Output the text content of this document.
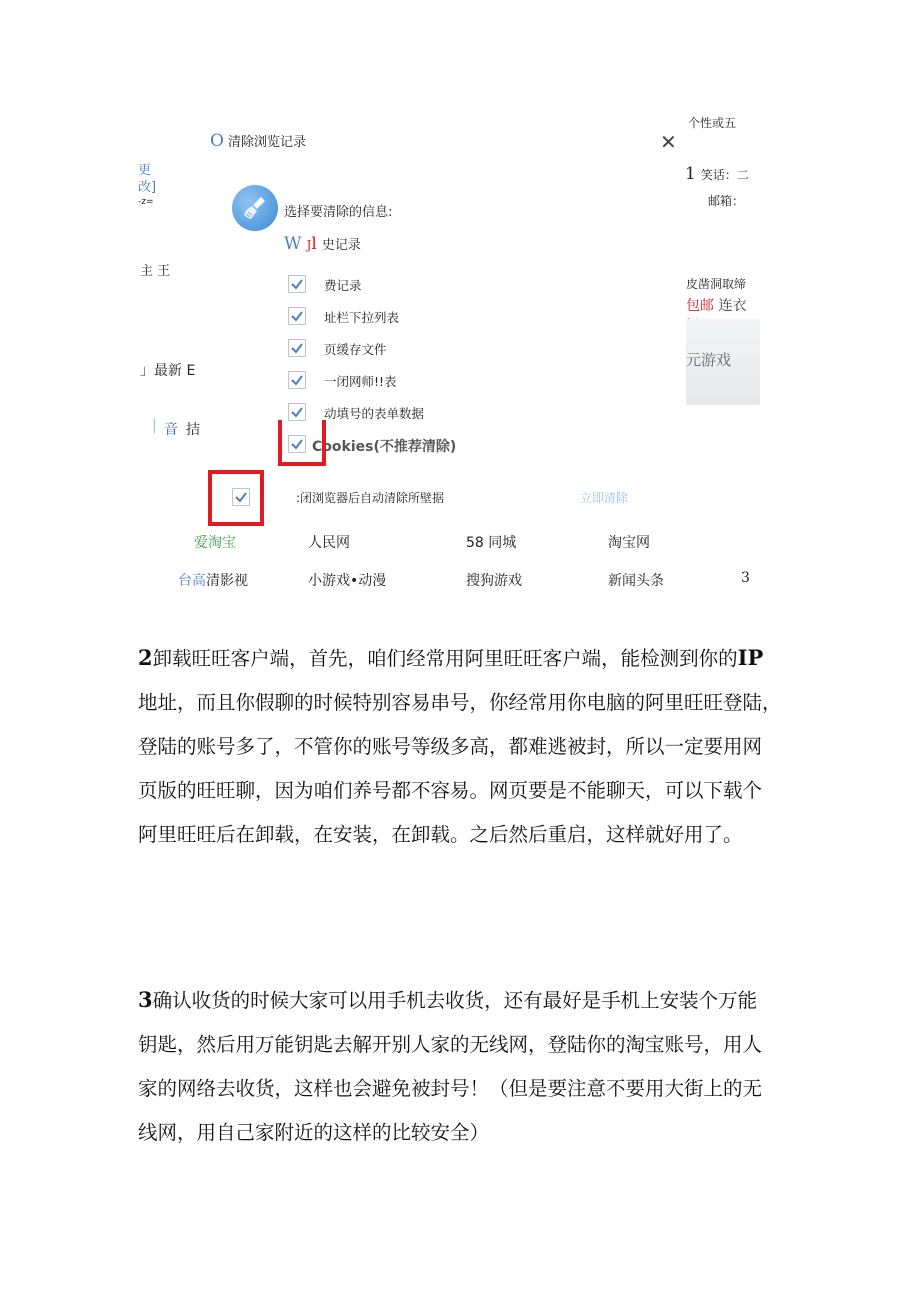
O 清除浏览记录	✕
选择要清除的信息:
W Jl 史记录
费记录
址栏下拉列表
页缓存文件
一闭网师!!表
动填号的表单数据
Cookies(不推荐清除)
:闭浏览器后自动清除所壁据	立即清除
更
改]
-z=
主 王
」最新 E
| 音 拮
个性或五
1 笑话：二
邮箱：
皮凿洞取缔
包邮 连衣
元游戏
爱淘宝	人民网	58 同城	淘宝网
台高清影视	小游戏•动漫	搜狗游戏	新闻头条	3
2卸载旺旺客户端，首先，咱们经常用阿里旺旺客户端，能检测到你的IP
地址，而且你假聊的时候特别容易串号，你经常用你电脑的阿里旺旺登陆，
登陆的账号多了，不管你的账号等级多高，都难逃被封，所以一定要用网
页版的旺旺聊，因为咱们养号都不容易。网页要是不能聊天，可以下载个
阿里旺旺后在卸载，在安装，在卸载。之后然后重启，这样就好用了。
3确认收货的时候大家可以用手机去收货，还有最好是手机上安装个万能
钥匙，然后用万能钥匙去解开别人家的无线网，登陆你的淘宝账号，用人
家的网络去收货，这样也会避免被封号！（但是要注意不要用大街上的无
线网，用自己家附近的这样的比较安全）
